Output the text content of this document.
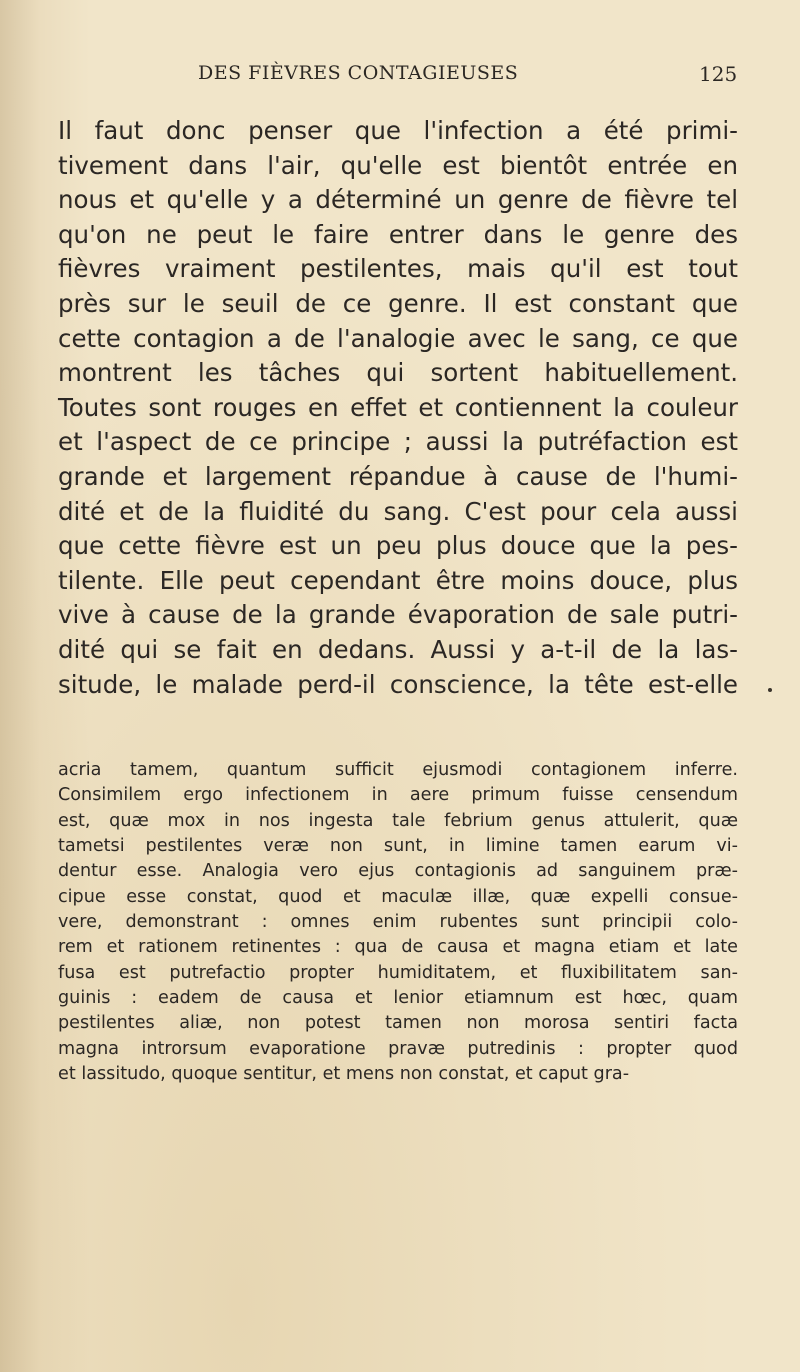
DES FIÈVRES CONTAGIEUSES	125
Il faut donc penser que l'infection a été primi-
tivement dans l'air, qu'elle est bientôt entrée en
nous et qu'elle y a déterminé un genre de fièvre tel
qu'on ne peut le faire entrer dans le genre des
fièvres vraiment pestilentes, mais qu'il est tout
près sur le seuil de ce genre. Il est constant que
cette contagion a de l'analogie avec le sang, ce que
montrent les tâches qui sortent habituellement.
Toutes sont rouges en effet et contiennent la couleur
et l'aspect de ce principe ; aussi la putréfaction est
grande et largement répandue à cause de l'humi-
dité et de la fluidité du sang. C'est pour cela aussi
que cette fièvre est un peu plus douce que la pes-
tilente. Elle peut cependant être moins douce, plus
vive à cause de la grande évaporation de sale putri-
dité qui se fait en dedans. Aussi y a-t-il de la las-
situde, le malade perd-il conscience, la tête est-elle
acria tamem, quantum sufficit ejusmodi contagionem inferre.
Consimilem ergo infectionem in aere primum fuisse censendum
est, quæ mox in nos ingesta tale febrium genus attulerit, quæ
tametsi pestilentes veræ non sunt, in limine tamen earum vi-
dentur esse. Analogia vero ejus contagionis ad sanguinem præ-
cipue esse constat, quod et maculæ illæ, quæ expelli consue-
vere, demonstrant : omnes enim rubentes sunt principii colo-
rem et rationem retinentes : qua de causa et magna etiam et late
fusa est putrefactio propter humiditatem, et fluxibilitatem san-
guinis : eadem de causa et lenior etiamnum est hœc, quam
pestilentes aliæ, non potest tamen non morosa sentiri facta
magna introrsum evaporatione pravæ putredinis : propter quod
et lassitudo, quoque sentitur, et mens non constat, et caput gra-
